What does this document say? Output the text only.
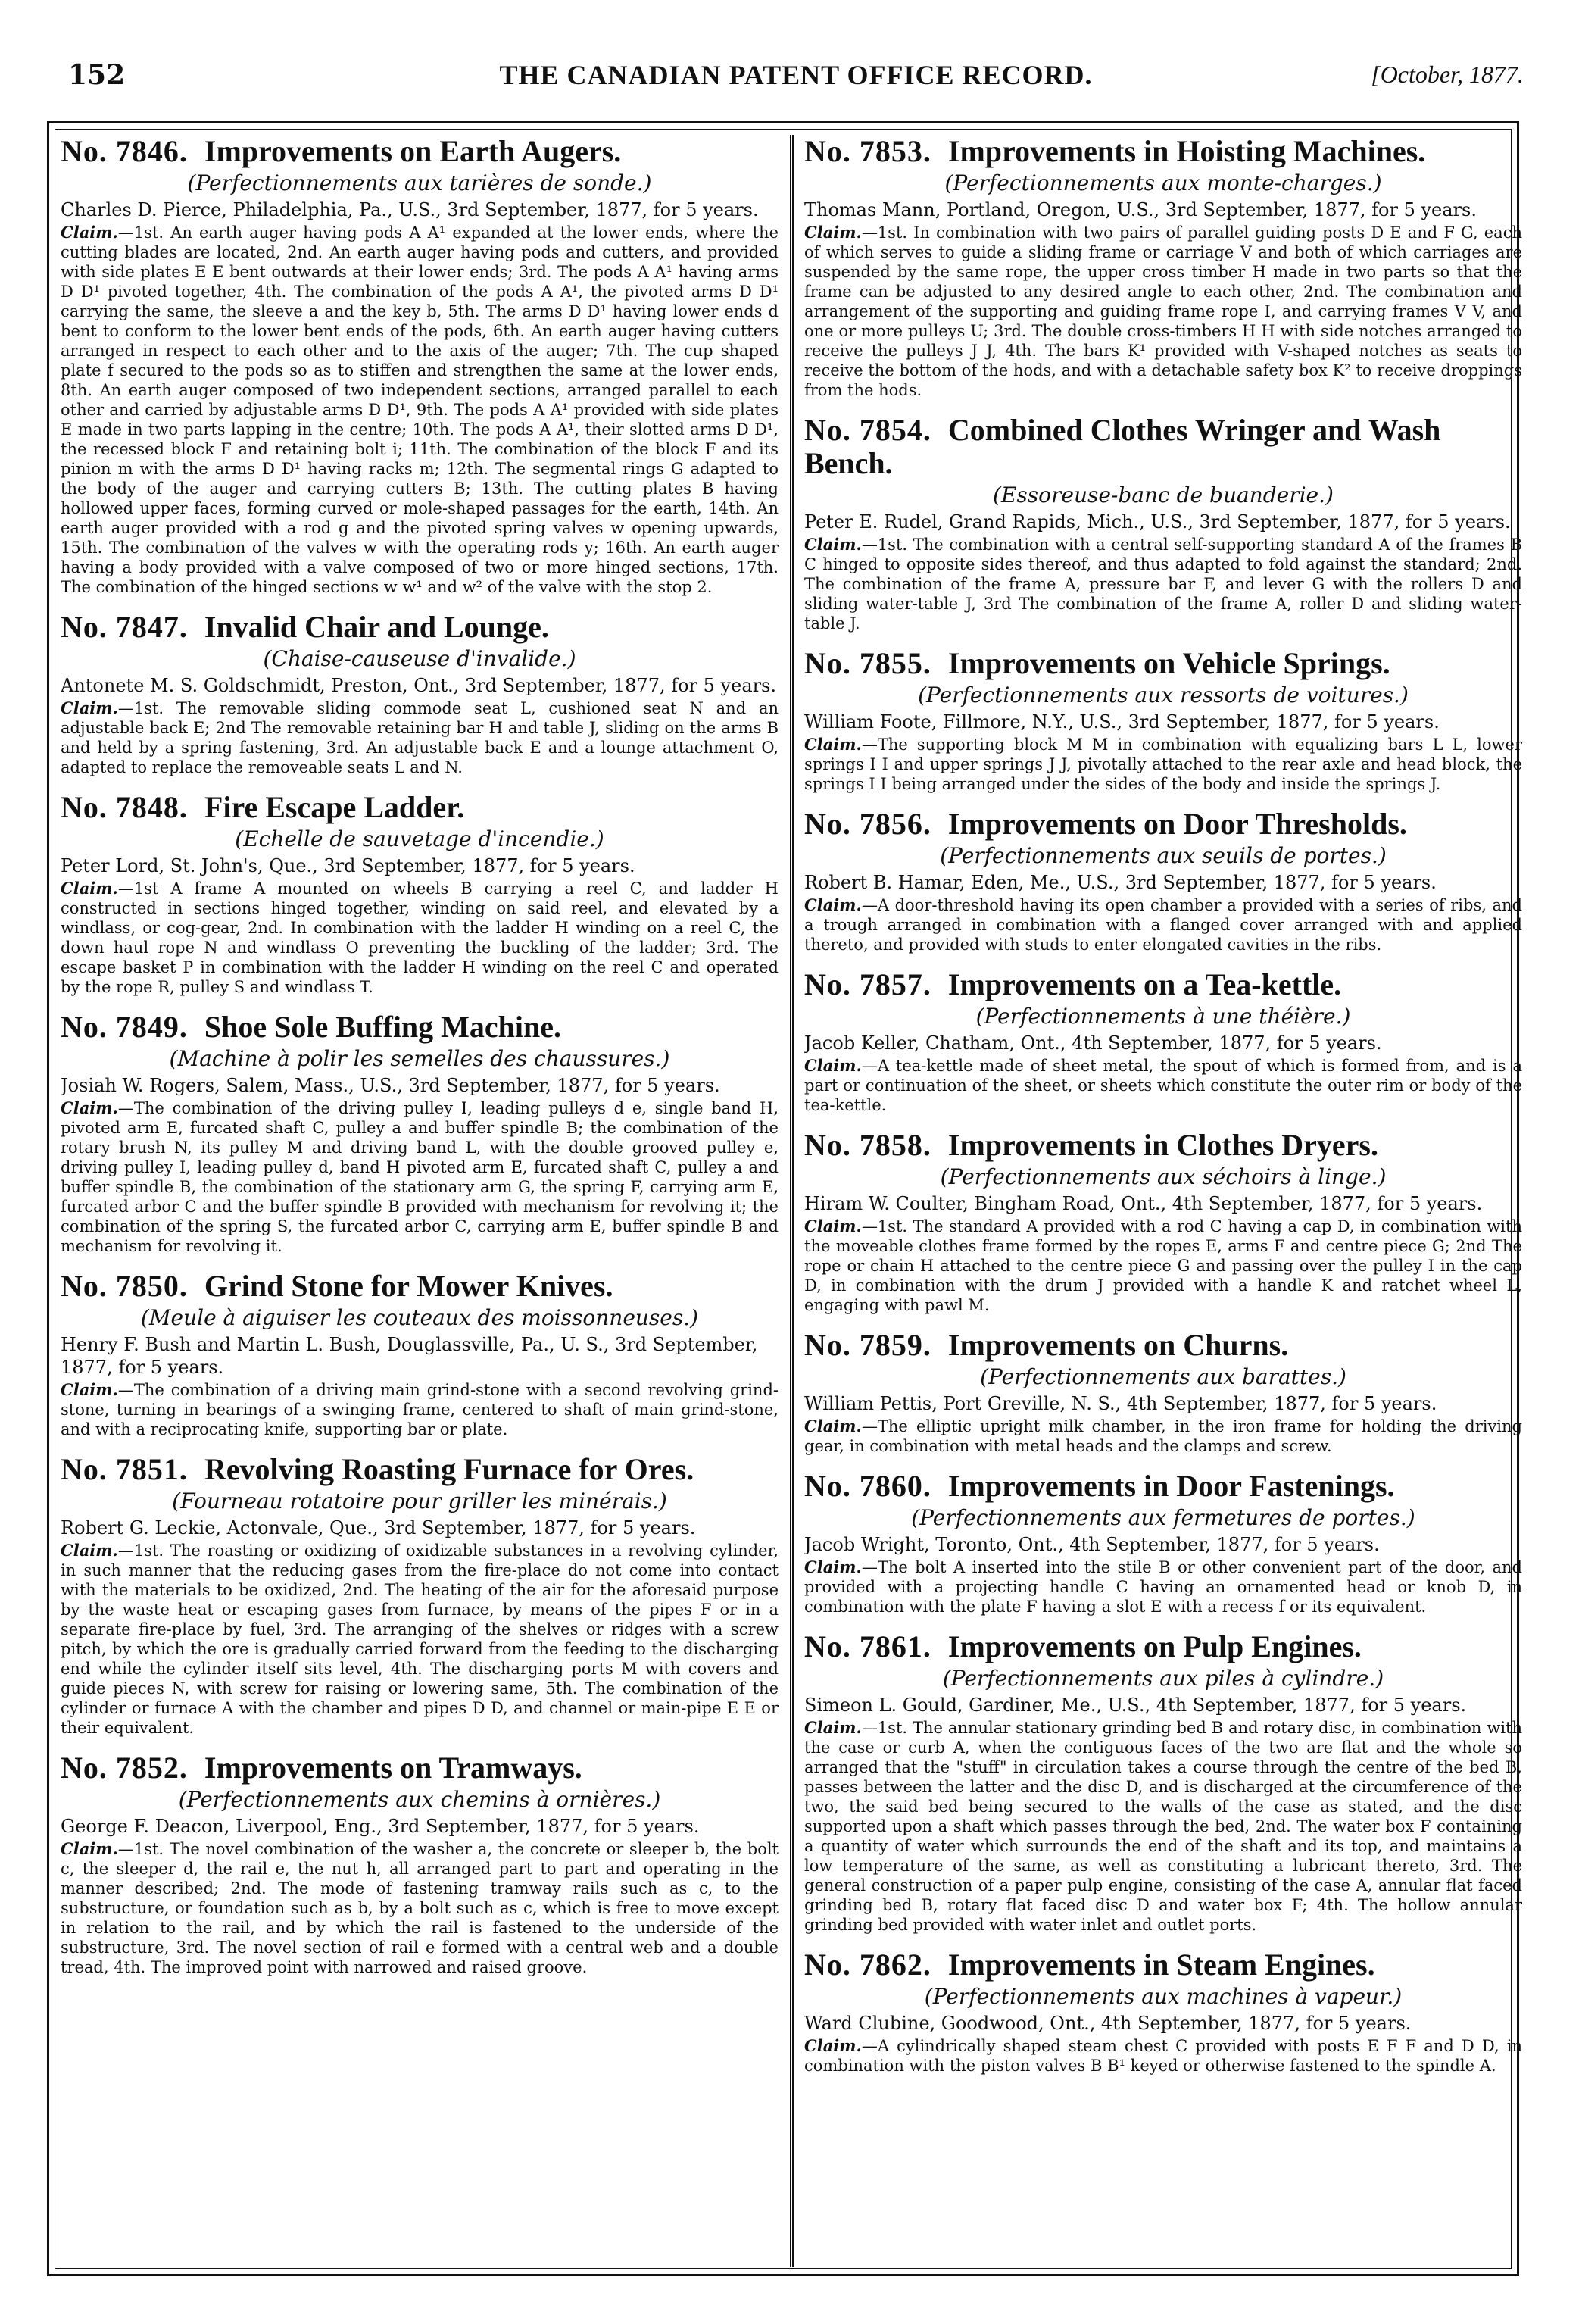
152	THE CANADIAN PATENT OFFICE RECORD.	[October, 1877.
No. 7846. Improvements on Earth Augers.
(Perfectionnements aux tarières de sonde.)
Charles D. Pierce, Philadelphia, Pa., U.S., 3rd September, 1877, for 5 years.

Claim.—1st. An earth auger having pods A A¹ expanded at the lower ends, where the cutting blades are located, 2nd. An earth auger having pods and cutters, and provided with side plates E E bent outwards at their lower ends; 3rd. The pods A A¹ having arms D D¹ pivoted together, 4th. The combination of the pods A A¹, the pivoted arms D D¹ carrying the same, the sleeve a and the key b, 5th. The arms D D¹ having lower ends d bent to conform to the lower bent ends of the pods, 6th. An earth auger having cutters arranged in respect to each other and to the axis of the auger; 7th. The cup shaped plate f secured to the pods so as to stiffen and strengthen the same at the lower ends, 8th. An earth auger composed of two independent sections, arranged parallel to each other and carried by adjustable arms D D¹, 9th. The pods A A¹ provided with side plates E made in two parts lapping in the centre; 10th. The pods A A¹, their slotted arms D D¹, the recessed block F and retaining bolt i; 11th. The combination of the block F and its pinion m with the arms D D¹ having racks m; 12th. The segmental rings G adapted to the body of the auger and carrying cutters B; 13th. The cutting plates B having hollowed upper faces, forming curved or mole-shaped passages for the earth, 14th. An earth auger provided with a rod g and the pivoted spring valves w opening upwards, 15th. The combination of the valves w with the operating rods y; 16th. An earth auger having a body provided with a valve composed of two or more hinged sections, 17th. The combination of the hinged sections w w¹ and w² of the valve with the stop 2.

No. 7847. Invalid Chair and Lounge.
(Chaise-causeuse d'invalide.)
Antonete M. S. Goldschmidt, Preston, Ont., 3rd September, 1877, for 5 years.

Claim.—1st. The removable sliding commode seat L, cushioned seat N and an adjustable back E; 2nd The removable retaining bar H and table J, sliding on the arms B and held by a spring fastening, 3rd. An adjustable back E and a lounge attachment O, adapted to replace the removeable seats L and N.

No. 7848. Fire Escape Ladder.
(Echelle de sauvetage d'incendie.)
Peter Lord, St. John's, Que., 3rd September, 1877, for 5 years.

Claim.—1st A frame A mounted on wheels B carrying a reel C, and ladder H constructed in sections hinged together, winding on said reel, and elevated by a windlass, or cog-gear, 2nd. In combination with the ladder H winding on a reel C, the down haul rope N and windlass O preventing the buckling of the ladder; 3rd. The escape basket P in combination with the ladder H winding on the reel C and operated by the rope R, pulley S and windlass T.

No. 7849. Shoe Sole Buffing Machine.
(Machine à polir les semelles des chaussures.)
Josiah W. Rogers, Salem, Mass., U.S., 3rd September, 1877, for 5 years.

Claim.—The combination of the driving pulley I, leading pulleys d e, single band H, pivoted arm E, furcated shaft C, pulley a and buffer spindle B; the combination of the rotary brush N, its pulley M and driving band L, with the double grooved pulley e, driving pulley I, leading pulley d, band H pivoted arm E, furcated shaft C, pulley a and buffer spindle B, the combination of the stationary arm G, the spring F, carrying arm E, furcated arbor C and the buffer spindle B provided with mechanism for revolving it; the combination of the spring S, the furcated arbor C, carrying arm E, buffer spindle B and mechanism for revolving it.

No. 7850. Grind Stone for Mower Knives.
(Meule à aiguiser les couteaux des moissonneuses.)
Henry F. Bush and Martin L. Bush, Douglassville, Pa., U. S., 3rd September, 1877, for 5 years.

Claim.—The combination of a driving main grind-stone with a second revolving grind-stone, turning in bearings of a swinging frame, centered to shaft of main grind-stone, and with a reciprocating knife, supporting bar or plate.

No. 7851. Revolving Roasting Furnace for Ores.
(Fourneau rotatoire pour griller les minérais.)
Robert G. Leckie, Actonvale, Que., 3rd September, 1877, for 5 years.

Claim.—1st. The roasting or oxidizing of oxidizable substances in a revolving cylinder, in such manner that the reducing gases from the fire-place do not come into contact with the materials to be oxidized, 2nd. The heating of the air for the aforesaid purpose by the waste heat or escaping gases from furnace, by means of the pipes F or in a separate fire-place by fuel, 3rd. The arranging of the shelves or ridges with a screw pitch, by which the ore is gradually carried forward from the feeding to the discharging end while the cylinder itself sits level, 4th. The discharging ports M with covers and guide pieces N, with screw for raising or lowering same, 5th. The combination of the cylinder or furnace A with the chamber and pipes D D, and channel or main-pipe E E or their equivalent.

No. 7852. Improvements on Tramways.
(Perfectionnements aux chemins à ornières.)
George F. Deacon, Liverpool, Eng., 3rd September, 1877, for 5 years.

Claim.—1st. The novel combination of the washer a, the concrete or sleeper b, the bolt c, the sleeper d, the rail e, the nut h, all arranged part to part and operating in the manner described; 2nd. The mode of fastening tramway rails such as c, to the substructure, or foundation such as b, by a bolt such as c, which is free to move except in relation to the rail, and by which the rail is fastened to the underside of the substructure, 3rd. The novel section of rail e formed with a central web and a double tread, 4th. The improved point with narrowed and raised groove.

No. 7853. Improvements in Hoisting Machines.
(Perfectionnements aux monte-charges.)
Thomas Mann, Portland, Oregon, U.S., 3rd September, 1877, for 5 years.

Claim.—1st. In combination with two pairs of parallel guiding posts D E and F G, each of which serves to guide a sliding frame or carriage V and both of which carriages are suspended by the same rope, the upper cross timber H made in two parts so that the frame can be adjusted to any desired angle to each other, 2nd. The combination and arrangement of the supporting and guiding frame rope I, and carrying frames V V, and one or more pulleys U; 3rd. The double cross-timbers H H with side notches arranged to receive the pulleys J J, 4th. The bars K¹ provided with V-shaped notches as seats to receive the bottom of the hods, and with a detachable safety box K² to receive droppings from the hods.

No. 7854. Combined Clothes Wringer and Wash Bench.
(Essoreuse-banc de buanderie.)
Peter E. Rudel, Grand Rapids, Mich., U.S., 3rd September, 1877, for 5 years.

Claim.—1st. The combination with a central self-supporting standard A of the frames B C hinged to opposite sides thereof, and thus adapted to fold against the standard; 2nd. The combination of the frame A, pressure bar F, and lever G with the rollers D and sliding water-table J, 3rd The combination of the frame A, roller D and sliding water-table J.

No. 7855. Improvements on Vehicle Springs.
(Perfectionnements aux ressorts de voitures.)
William Foote, Fillmore, N.Y., U.S., 3rd September, 1877, for 5 years.

Claim.—The supporting block M M in combination with equalizing bars L L, lower springs I I and upper springs J J, pivotally attached to the rear axle and head block, the springs I I being arranged under the sides of the body and inside the springs J.

No. 7856. Improvements on Door Thresholds.
(Perfectionnements aux seuils de portes.)
Robert B. Hamar, Eden, Me., U.S., 3rd September, 1877, for 5 years.

Claim.—A door-threshold having its open chamber a provided with a series of ribs, and a trough arranged in combination with a flanged cover arranged with and applied thereto, and provided with studs to enter elongated cavities in the ribs.

No. 7857. Improvements on a Tea-kettle.
(Perfectionnements à une théière.)
Jacob Keller, Chatham, Ont., 4th September, 1877, for 5 years.

Claim.—A tea-kettle made of sheet metal, the spout of which is formed from, and is a part or continuation of the sheet, or sheets which constitute the outer rim or body of the tea-kettle.

No. 7858. Improvements in Clothes Dryers.
(Perfectionnements aux séchoirs à linge.)
Hiram W. Coulter, Bingham Road, Ont., 4th September, 1877, for 5 years.

Claim.—1st. The standard A provided with a rod C having a cap D, in combination with the moveable clothes frame formed by the ropes E, arms F and centre piece G; 2nd The rope or chain H attached to the centre piece G and passing over the pulley I in the cap D, in combination with the drum J provided with a handle K and ratchet wheel L, engaging with pawl M.

No. 7859. Improvements on Churns.
(Perfectionnements aux barattes.)
William Pettis, Port Greville, N. S., 4th September, 1877, for 5 years.

Claim.—The elliptic upright milk chamber, in the iron frame for holding the driving gear, in combination with metal heads and the clamps and screw.

No. 7860. Improvements in Door Fastenings.
(Perfectionnements aux fermetures de portes.)
Jacob Wright, Toronto, Ont., 4th September, 1877, for 5 years.

Claim.—The bolt A inserted into the stile B or other convenient part of the door, and provided with a projecting handle C having an ornamented head or knob D, in combination with the plate F having a slot E with a recess f or its equivalent.

No. 7861. Improvements on Pulp Engines.
(Perfectionnements aux piles à cylindre.)
Simeon L. Gould, Gardiner, Me., U.S., 4th September, 1877, for 5 years.

Claim.—1st. The annular stationary grinding bed B and rotary disc, in combination with the case or curb A, when the contiguous faces of the two are flat and the whole so arranged that the "stuff" in circulation takes a course through the centre of the bed B, passes between the latter and the disc D, and is discharged at the circumference of the two, the said bed being secured to the walls of the case as stated, and the disc supported upon a shaft which passes through the bed, 2nd. The water box F containing a quantity of water which surrounds the end of the shaft and its top, and maintains a low temperature of the same, as well as constituting a lubricant thereto, 3rd. The general construction of a paper pulp engine, consisting of the case A, annular flat faced grinding bed B, rotary flat faced disc D and water box F; 4th. The hollow annular grinding bed provided with water inlet and outlet ports.

No. 7862. Improvements in Steam Engines.
(Perfectionnements aux machines à vapeur.)
Ward Clubine, Goodwood, Ont., 4th September, 1877, for 5 years.

Claim.—A cylindrically shaped steam chest C provided with posts E F F and D D, in combination with the piston valves B B¹ keyed or otherwise fastened to the spindle A.
